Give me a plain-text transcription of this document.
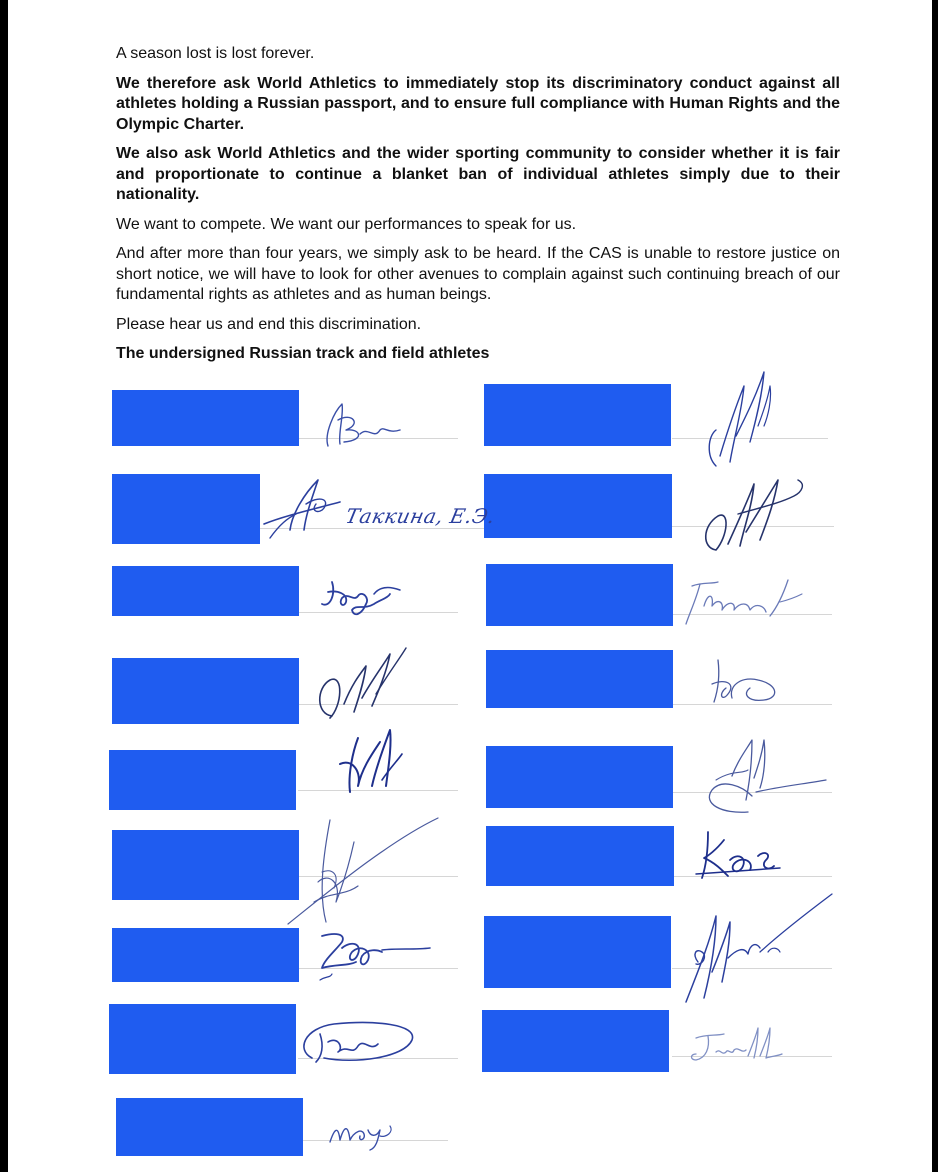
A season lost is lost forever.

We therefore ask World Athletics to immediately stop its discriminatory conduct against all athletes holding a Russian passport, and to ensure full compliance with Human Rights and the Olympic Charter.

We also ask World Athletics and the wider sporting community to consider whether it is fair and proportionate to continue a blanket ban of individual athletes simply due to their nationality.

We want to compete. We want our performances to speak for us.

And after more than four years, we simply ask to be heard. If the CAS is unable to restore justice on short notice, we will have to look for other avenues to complain against such continuing breach of our fundamental rights as athletes and as human beings.

Please hear us and end this discrimination.

The undersigned Russian track and field athletes

Таккина, Е.Э.
